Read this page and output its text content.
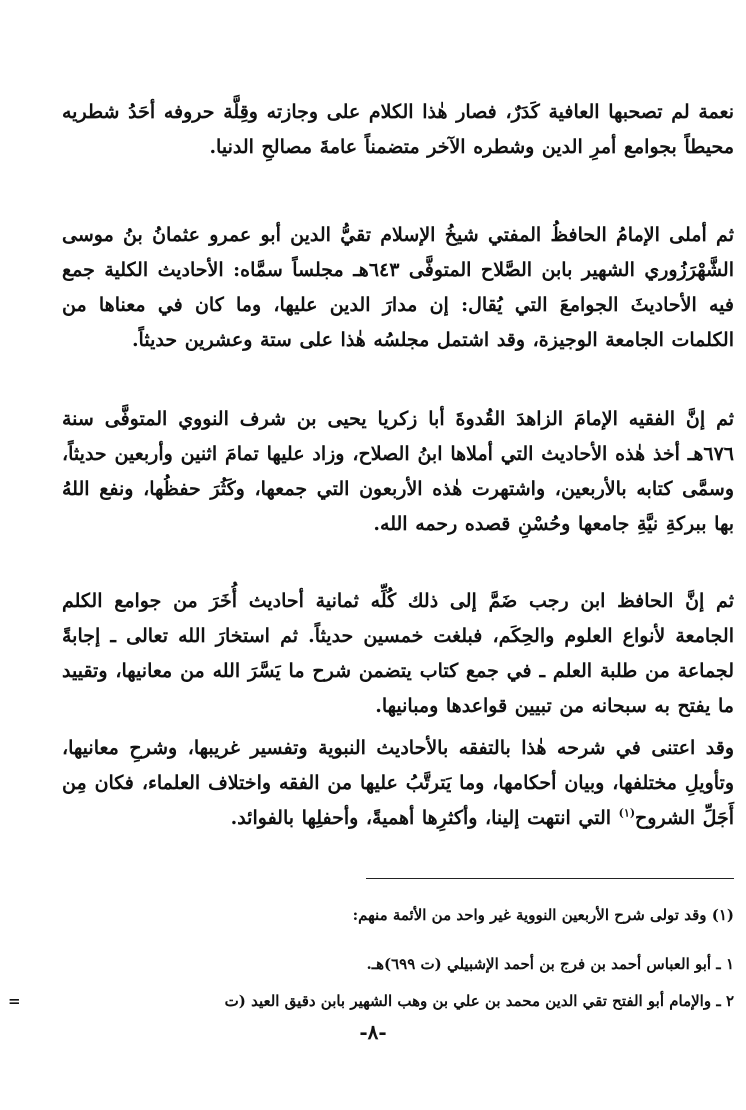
نعمة لم تصحبها العافية كَدَرٌ، فصار هٰذا الكلام على وجازته وقِلَّة حروفه أحَدُ شطريه محيطاً بجوامع أمرِ الدين وشطره الآخر متضمناً عامةَ مصالحِ الدنيا.

ثم أملى الإمامُ الحافظُ المفتي شيخُ الإسلام تقيُّ الدين أبو عمرو عثمانُ بنُ موسى الشَّهْرَزُوري الشهير بابن الصَّلاح المتوفَّى ٦٤٣هـ مجلساً سمَّاه: الأحاديث الكلية جمع فيه الأحاديثَ الجوامعَ التي يُقال: إن مدارَ الدين عليها، وما كان في معناها من الكلمات الجامعة الوجيزة، وقد اشتمل مجلسُه هٰذا على ستة وعشرين حديثاً.

ثم إنَّ الفقيه الإمامَ الزاهدَ القُدوةَ أبا زكريا يحيى بن شرف النووي المتوفَّى سنة ٦٧٦هـ أخذ هٰذه الأحاديث التي أملاها ابنُ الصلاح، وزاد عليها تمامَ اثنين وأربعين حديثاً، وسمَّى كتابه بالأربعين، واشتهرت هٰذه الأربعون التي جمعها، وكَثُرَ حفظُها، ونفع اللهُ بها ببركةِ نيَّةِ جامعها وحُسْنِ قصده رحمه الله.

ثم إنَّ الحافظ ابن رجب ضَمَّ إلى ذلك كُلِّه ثمانية أحاديث أُخَرَ من جوامع الكلم الجامعة لأنواع العلوم والحِكَم، فبلغت خمسين حديثاً. ثم استخارَ الله تعالى ـ إجابةً لجماعة من طلبة العلم ـ في جمع كتاب يتضمن شرح ما يَسَّرَ الله من معانيها، وتقييد ما يفتح به سبحانه من تبيين قواعدها ومبانيها.

وقد اعتنى في شرحه هٰذا بالتفقه بالأحاديث النبوية وتفسير غريبها، وشرحِ معانيها، وتأويلِ مختلفها، وبيان أحكامها، وما يَترتَّبُ عليها من الفقه واختلاف العلماء، فكان مِن أَجَلِّ الشروح$^{(١)}$ التي انتهت إلينا، وأكثرِها أهميةً، وأحفلِها بالفوائد.

(١) وقد تولى شرح الأربعين النووية غير واحد من الأئمة منهم:
١ ـ أبو العباس أحمد بن فرج بن أحمد الإشبيلي (ت ٦٩٩)هـ.
٢ ـ والإمام أبو الفتح تقي الدين محمد بن علي بن وهب الشهير بابن دقيق العيد (ت
=
-٨-
